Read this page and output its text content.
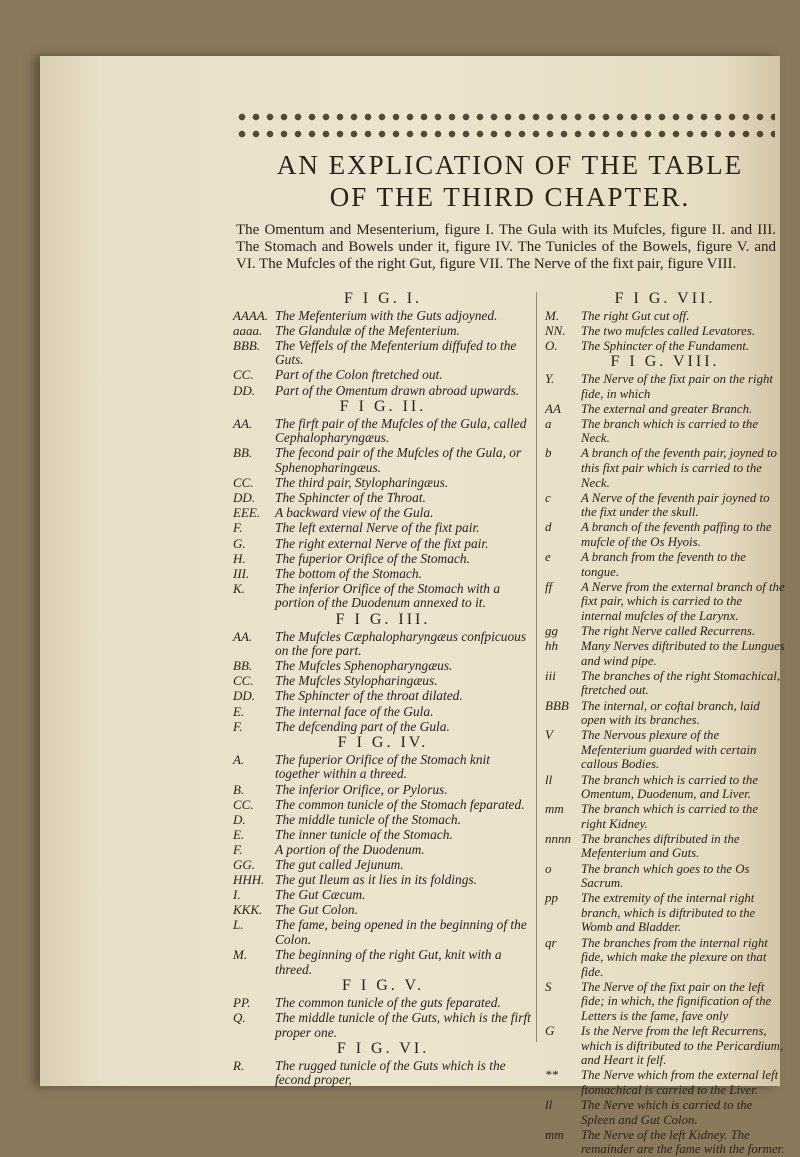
AN EXPLICATION OF THE TABLE
OF THE THIRD CHAPTER.
The Omentum and Mesenterium, figure I. The Gula with its Mufcles, figure II. and III. The Stomach and Bowels under it, figure IV. The Tunicles of the Bowels, figure V. and VI. The Mufcles of the right Gut, figure VII. The Nerve of the fixt pair, figure VIII.
F I G. I.
AAAA. The Mefenterium with the Guts adjoyned.
aaaa. The Glandulæ of the Mefenterium.
BBB.	The Veffels of the Mefenterium diffufed to the Guts.
CC.	Part of the Colon ftretched out.
DD.	Part of the Omentum drawn abroad upwards.
F I G. II.
AA.	The firft pair of the Mufcles of the Gula, called Cephalopharyngæus.
BB.	The fecond pair of the Mufcles of the Gula, or Sphenopharingæus.
CC.	The third pair, Stylopharingæus.
DD.	The Sphincter of the Throat.
EEE.	A backward view of the Gula.
F.	The left external Nerve of the fixt pair.
G.	The right external Nerve of the fixt pair.
H.	The fuperior Orifice of the Stomach.
III.	The bottom of the Stomach.
K.	The inferior Orifice of the Stomach with a portion of the Duodenum annexed to it.
F I G. III.
AA.	The Mufcles Cæphalopharyngæus confpicuous on the fore part.
BB.	The Mufcles Sphenopharyngæus.
CC.	The Mufcles Stylopharingæus.
DD.	The Sphincter of the throat dilated.
E.	The internal face of the Gula.
F.	The defcending part of the Gula.
F I G. IV.
A.	The fuperior Orifice of the Stomach knit together within a threed.
B.	The inferior Orifice, or Pylorus.
CC.	The common tunicle of the Stomach feparated.
D.	The middle tunicle of the Stomach.
E.	The inner tunicle of the Stomach.
F.	A portion of the Duodenum.
GG.	The gut called Jejunum.
HHH. The gut Ileum as it lies in its foldings.
I.	The Gut Cæcum.
KKK. The Gut Colon.
L.	The fame, being opened in the beginning of the Colon.
M.	The beginning of the right Gut, knit with a threed.
F I G. V.
PP.	The common tunicle of the guts feparated.
Q.	The middle tunicle of the Guts, which is the firft proper one.
F I G. VI.
R.	The rugged tunicle of the Guts which is the fecond proper,
F I G. VII.
M.	The right Gut cut off.
NN.	The two mufcles called Levatores.
O.	The Sphincter of the Fundament.
F I G. VIII.
Y.	The Nerve of the fixt pair on the right fide, in which
AA	The external and greater Branch.
a	The branch which is carried to the Neck.
b	A branch of the feventh pair, joyned to this fixt pair which is carried to the Neck.
c	A Nerve of the feventh pair joyned to the fixt under the skull.
d	A branch of the feventh paffing to the mufcle of the Os Hyois.
e	A branch from the feventh to the tongue.
ff	A Nerve from the external branch of the fixt pair, which is carried to the internal mufcles of the Larynx.
gg	The right Nerve called Recurrens.
hh	Many Nerves diftributed to the Lungues and wind pipe.
iii	The branches of the right Stomachical, ftretched out.
BBB The internal, or coftal branch, laid open with its branches.
V	The Nervous plexure of the Mefenterium guarded with certain callous Bodies.
ll	The branch which is carried to the Omentum, Duodenum, and Liver.
mm	The branch which is carried to the right Kidney.
nnnn The branches diftributed in the Mefenterium and Guts.
o	The branch which goes to the Os Sacrum.
pp	The extremity of the internal right branch, which is diftributed to the Womb and Bladder.
qr	The branches from the internal right fide, which make the plexure on that fide.
S	The Nerve of the fixt pair on the left fide; in which, the fignification of the Letters is the fame, fave only
G	Is the Nerve from the left Recurrens, which is diftributed to the Pericardium, and Heart it felf.
**	The Nerve which from the external left ftomachical is carried to the Liver.
ll	The Nerve which is carried to the Spleen and Gut Colon.
mm	The Nerve of the left Kidney. The remainder are the fame with the former.
